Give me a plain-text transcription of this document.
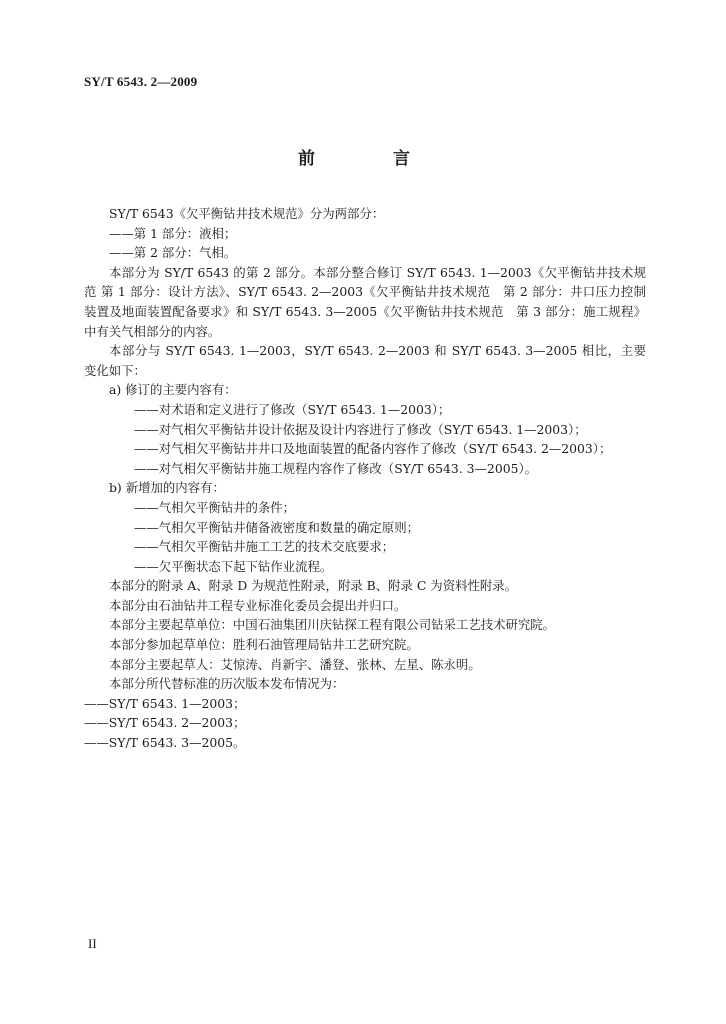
SY/T 6543. 2—2009
前 言

SY/T 6543《欠平衡钻井技术规范》分为两部分：

——第 1 部分：液相；

——第 2 部分：气相。

本部分为 SY/T 6543 的第 2 部分。本部分整合修订 SY/T 6543. 1—2003《欠平衡钻井技术规范 第 1 部分：设计方法》、SY/T 6543. 2—2003《欠平衡钻井技术规范　第 2 部分：井口压力控制装置及地面装置配备要求》和 SY/T 6543. 3—2005《欠平衡钻井技术规范　第 3 部分：施工规程》中有关气相部分的内容。

本部分与 SY/T 6543. 1—2003，SY/T 6543. 2—2003 和 SY/T 6543. 3—2005 相比，主要变化如下：

a) 修订的主要内容有：

——对术语和定义进行了修改（SY/T 6543. 1—2003）；

——对气相欠平衡钻井设计依据及设计内容进行了修改（SY/T 6543. 1—2003）；

——对气相欠平衡钻井井口及地面装置的配备内容作了修改（SY/T 6543. 2—2003）；

——对气相欠平衡钻井施工规程内容作了修改（SY/T 6543. 3—2005）。

b) 新增加的内容有：

——气相欠平衡钻井的条件；

——气相欠平衡钻井储备液密度和数量的确定原则；

——气相欠平衡钻井施工工艺的技术交底要求；

——欠平衡状态下起下钻作业流程。

本部分的附录 A、附录 D 为规范性附录，附录 B、附录 C 为资料性附录。

本部分由石油钻井工程专业标准化委员会提出并归口。

本部分主要起草单位：中国石油集团川庆钻探工程有限公司钻采工艺技术研究院。

本部分参加起草单位：胜利石油管理局钻井工艺研究院。

本部分主要起草人：艾惊涛、肖新宇、潘登、张林、左星、陈永明。

本部分所代替标准的历次版本发布情况为：

——SY/T 6543. 1—2003；

——SY/T 6543. 2—2003；

——SY/T 6543. 3—2005。

II
